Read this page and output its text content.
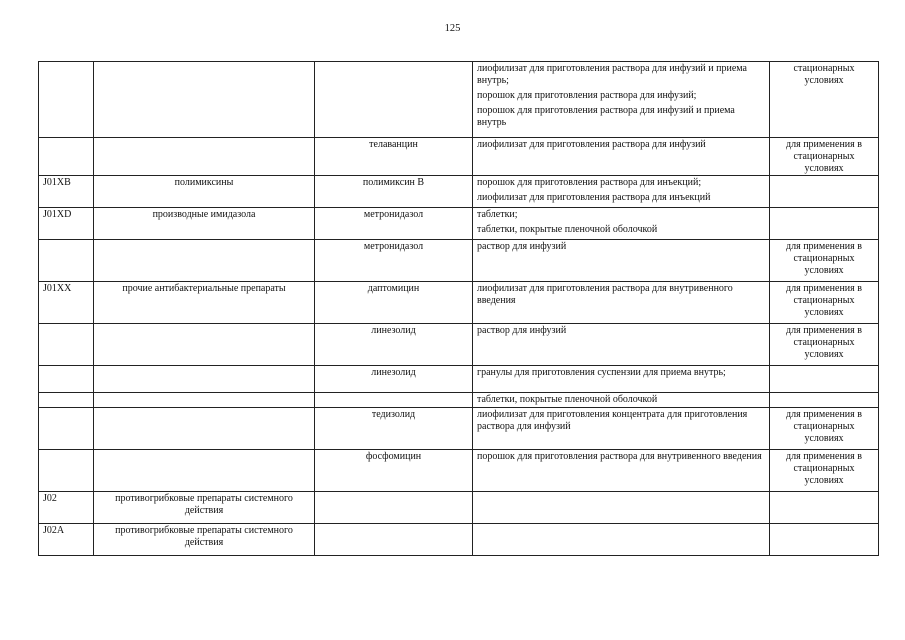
125

			лиофилизат для приготовления раствора для инфузий и приема внутрь;
порошок для приготовления раствора для инфузий;
порошок для приготовления раствора для инфузий и приема внутрь	стационарных условиях
		телаванцин	лиофилизат для приготовления раствора для инфузий	для применения в стационарных условиях
J01XB	полимиксины	полимиксин В	порошок для приготовления раствора для инъекций;
лиофилизат для приготовления раствора для инъекций	

J01XD	производные имидазола	метронидазол	таблетки;
таблетки, покрытые пленочной оболочкой	

		метронидазол	раствор для инфузий	для применения в стационарных условиях
J01XX	прочие антибактериальные препараты	даптомицин	лиофилизат для приготовления раствора для внутривенного введения	для применения в стационарных условиях
		линезолид	раствор для инфузий	для применения в стационарных условиях
		линезолид	гранулы для приготовления суспензии для приема внутрь;	

			таблетки, покрытые пленочной оболочкой	

		тедизолид	лиофилизат для приготовления концентрата для приготовления раствора для инфузий	для применения в стационарных условиях
		фосфомицин	порошок для приготовления раствора для внутривенного введения	для применения в стационарных условиях
J02	противогрибковые препараты системного действия		

J02A	противогрибковые препараты системного действия		
